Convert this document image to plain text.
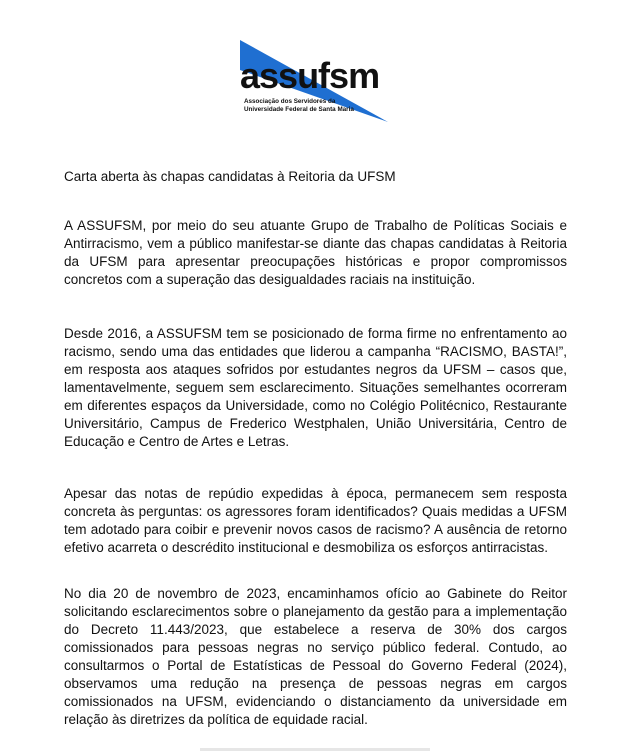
assufsm
Associação dos Servidores da
Universidade Federal de Santa Maria
Carta aberta às chapas candidatas à Reitoria da UFSM

A ASSUFSM, por meio do seu atuante Grupo de Trabalho de Políticas Sociais e Antirracismo, vem a público manifestar-se diante das chapas candidatas à Reitoria da UFSM para apresentar preocupações históricas e propor compromissos concretos com a superação das desigualdades raciais na instituição.

Desde 2016, a ASSUFSM tem se posicionado de forma firme no enfrentamento ao racismo, sendo uma das entidades que liderou a campanha “RACISMO, BASTA!”, em resposta aos ataques sofridos por estudantes negros da UFSM – casos que, lamentavelmente, seguem sem esclarecimento. Situações semelhantes ocorreram em diferentes espaços da Universidade, como no Colégio Politécnico, Restaurante Universitário, Campus de Frederico Westphalen, União Universitária, Centro de Educação e Centro de Artes e Letras.

Apesar das notas de repúdio expedidas à época, permanecem sem resposta concreta às perguntas: os agressores foram identificados? Quais medidas a UFSM tem adotado para coibir e prevenir novos casos de racismo? A ausência de retorno efetivo acarreta o descrédito institucional e desmobiliza os esforços antirracistas.

No dia 20 de novembro de 2023, encaminhamos ofício ao Gabinete do Reitor solicitando esclarecimentos sobre o planejamento da gestão para a implementação do Decreto 11.443/2023, que estabelece a reserva de 30% dos cargos comissionados para pessoas negras no serviço público federal. Contudo, ao consultarmos o Portal de Estatísticas de Pessoal do Governo Federal (2024), observamos uma redução na presença de pessoas negras em cargos comissionados na UFSM, evidenciando o distanciamento da universidade em relação às diretrizes da política de equidade racial.
